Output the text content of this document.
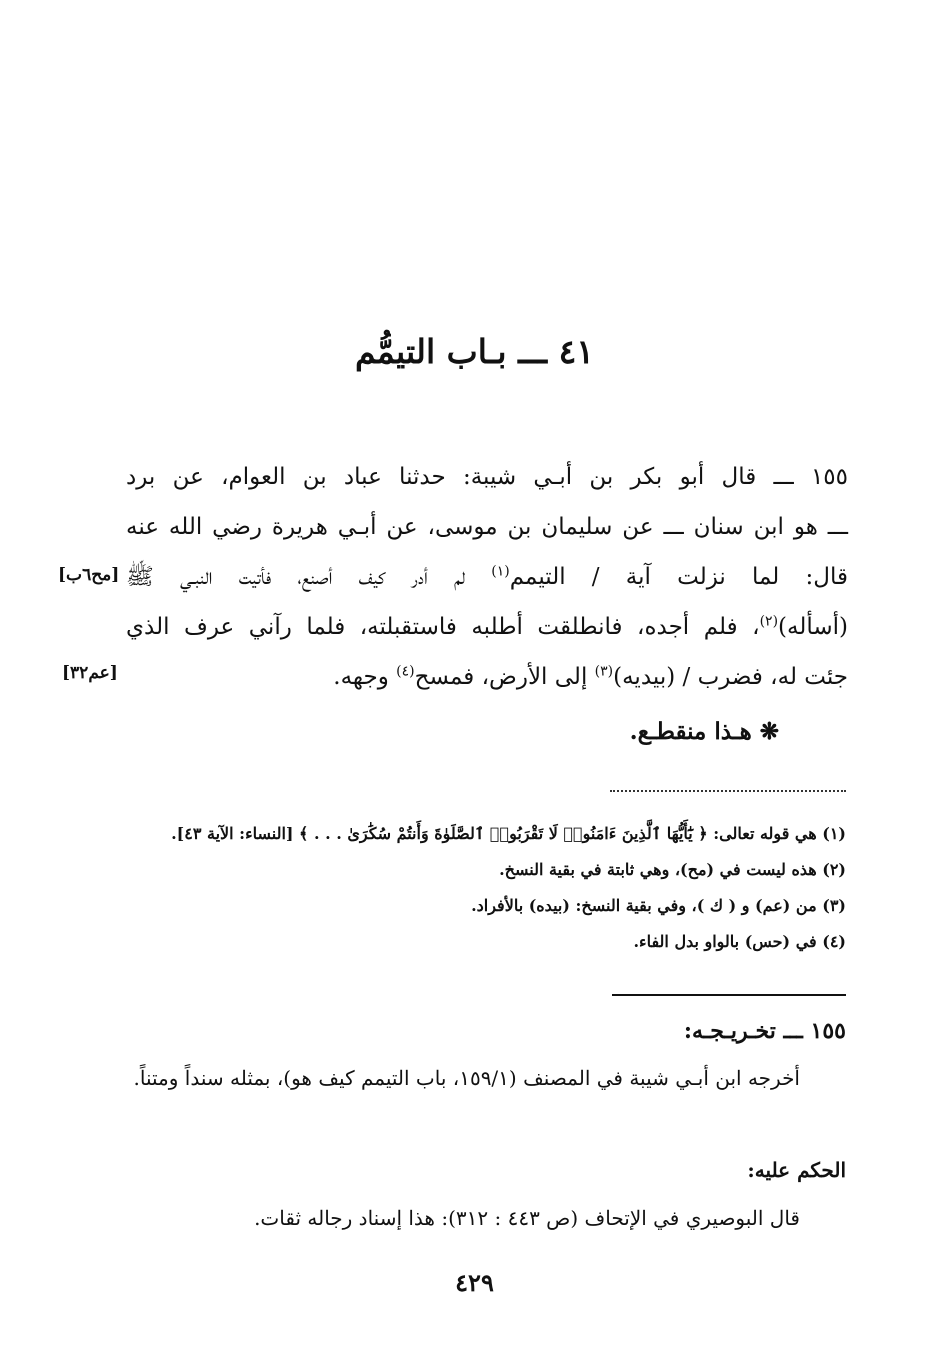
٤١ ـــ بـاب التيمُّم
١٥٥ ـــ قال أبو بكر بن أبـي شيبة: حدثنا عباد بن العوام، عن برد
ـــ هو ابن سنان ـــ عن سليمان بن موسى، عن أبـي هريرة رضي الله عنه
قال: لما نزلت آية / التيمم$^{(١)}$ لم أدر كيف أصنع، فأتيت النبـي ﷺ
(أسأله)$^{(٢)}$، فلم أجده، فانطلقت أطلبه فاستقبلته، فلما رآني عرف الذي
جئت له، فضرب / (بيديه)$^{(٣)}$ إلى الأرض، فمسح$^{(٤)}$ وجهه.
[مح٦ب]
[عم٣٢]
❋ هـذا منقطـع.
(١) هي قوله تعالى: ﴿ يَٰٓأَيُّهَا ٱلَّذِينَ ءَامَنُوا۟ لَا تَقْرَبُوا۟ ٱلصَّلَوٰةَ وَأَنتُمْ سُكَٰرَىٰ . . . ﴾ [النساء: الآية ٤٣].
(٢) هذه ليست في (مح)، وهي ثابتة في بقية النسخ.
(٣) من (عم) و ( ك )، وفي بقية النسخ: (بيده) بالأفراد.
(٤) في (حس) بالواو بدل الفاء.
١٥٥ ـــ تخـريـجـه:
أخرجه ابن أبـي شيبة في المصنف (١٥٩/١، باب التيمم كيف هو)، بمثله سنداً ومتناً.
الحكم عليه:
قال البوصيري في الإتحاف (ص ٤٤٣ : ٣١٢): هذا إسناد رجاله ثقات.
٤٢٩
